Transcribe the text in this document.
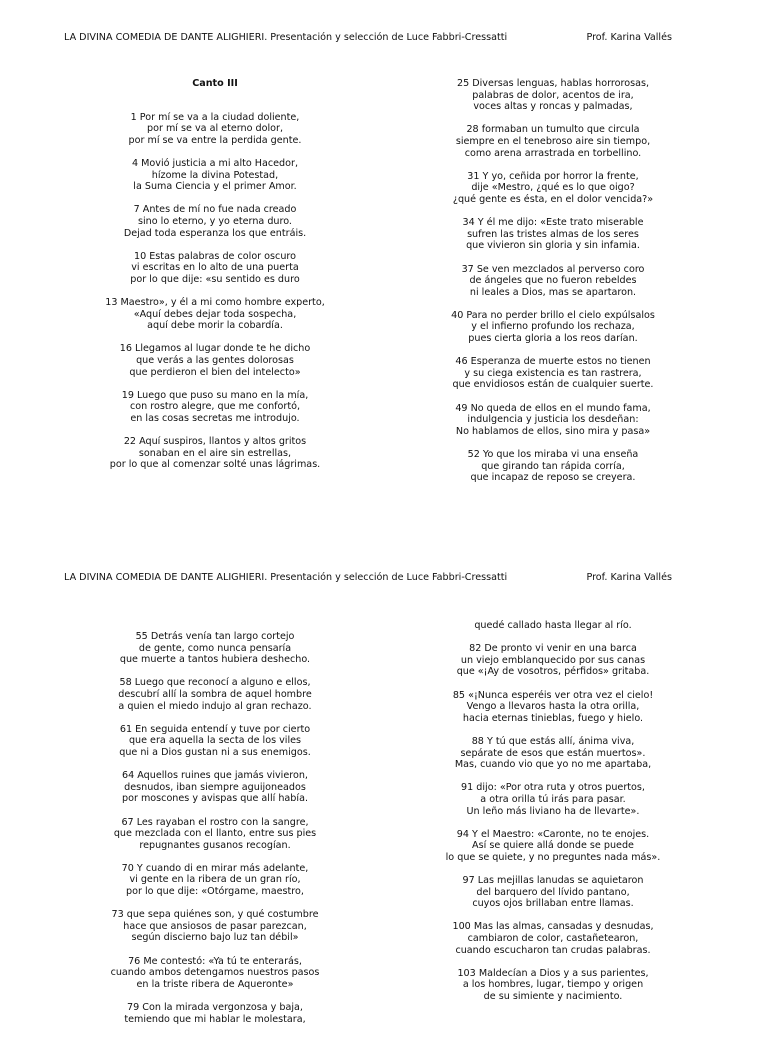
LA DIVINA COMEDIA DE DANTE ALIGHIERI. Presentación y selección de Luce Fabbri-Cressatti	Prof. Karina Vallés
Canto III
1 Por mí se va a la ciudad doliente,
por mí se va al eterno dolor,
por mí se va entre la perdida gente.
4 Movió justicia a mi alto Hacedor,
hízome la divina Potestad,
la Suma Ciencia y el primer Amor.
7 Antes de mí no fue nada creado
sino lo eterno, y yo eterna duro.
Dejad toda esperanza los que entráis.
10 Estas palabras de color oscuro
vi escritas en lo alto de una puerta
por lo que dije: «su sentido es duro
13 Maestro», y él a mi como hombre experto,
«Aquí debes dejar toda sospecha,
aquí debe morir la cobardía.
16 Llegamos al lugar donde te he dicho
que verás a las gentes dolorosas
que perdieron el bien del intelecto»
19 Luego que puso su mano en la mía,
con rostro alegre, que me confortó,
en las cosas secretas me introdujo.
22 Aquí suspiros, llantos y altos gritos
sonaban en el aire sin estrellas,
por lo que al comenzar solté unas lágrimas.
25 Diversas lenguas, hablas horrorosas,
palabras de dolor, acentos de ira,
voces altas y roncas y palmadas,
28 formaban un tumulto que circula
siempre en el tenebroso aire sin tiempo,
como arena arrastrada en torbellino.
31 Y yo, ceñida por horror la frente,
dije «Mestro, ¿qué es lo que oigo?
¿qué gente es ésta, en el dolor vencida?»
34 Y él me dijo: «Este trato miserable
sufren las tristes almas de los seres
que vivieron sin gloria y sin infamia.
37 Se ven mezclados al perverso coro
de ángeles que no fueron rebeldes
ni leales a Dios, mas se apartaron.
40 Para no perder brillo el cielo expúlsalos
y el infierno profundo los rechaza,
pues cierta gloria a los reos darían.
46 Esperanza de muerte estos no tienen
y su ciega existencia es tan rastrera,
que envidiosos están de cualquier suerte.
49 No queda de ellos en el mundo fama,
indulgencia y justicia los desdeñan:
No hablamos de ellos, sino mira y pasa»
52 Yo que los miraba vi una enseña
que girando tan rápida corría,
que incapaz de reposo se creyera.
LA DIVINA COMEDIA DE DANTE ALIGHIERI. Presentación y selección de Luce Fabbri-Cressatti	Prof. Karina Vallés
55 Detrás venía tan largo cortejo
de gente, como nunca pensaría
que muerte a tantos hubiera deshecho.
58 Luego que reconocí a alguno e ellos,
descubrí allí la sombra de aquel hombre
a quien el miedo indujo al gran rechazo.
61 En seguida entendí y tuve por cierto
que era aquella la secta de los viles
que ni a Dios gustan ni a sus enemigos.
64 Aquellos ruines que jamás vivieron,
desnudos, iban siempre aguijoneados
por moscones y avispas que allí había.
67 Les rayaban el rostro con la sangre,
que mezclada con el llanto, entre sus pies
repugnantes gusanos recogían.
70 Y cuando di en mirar más adelante,
vi gente en la ribera de un gran río,
por lo que dije: «Otórgame, maestro,
73 que sepa quiénes son, y qué costumbre
hace que ansiosos de pasar parezcan,
según discierno bajo luz tan débil»
76 Me contestó: «Ya tú te enterarás,
cuando ambos detengamos nuestros pasos
en la triste ribera de Aqueronte»
79 Con la mirada vergonzosa y baja,
temiendo que mi hablar le molestara,
quedé callado hasta llegar al río.
82 De pronto vi venir en una barca
un viejo emblanquecido por sus canas
que «¡Ay de vosotros, pérfidos» gritaba.
85 «¡Nunca esperéis ver otra vez el cielo!
Vengo a llevaros hasta la otra orilla,
hacia eternas tinieblas, fuego y hielo.
88 Y tú que estás allí, ánima viva,
sepárate de esos que están muertos».
Mas, cuando vio que yo no me apartaba,
91 dijo: «Por otra ruta y otros puertos,
a otra orilla tú irás para pasar.
Un leño más liviano ha de llevarte».
94 Y el Maestro: «Caronte, no te enojes.
Así se quiere allá donde se puede
lo que se quiete, y no preguntes nada más».
97 Las mejillas lanudas se aquietaron
del barquero del lívido pantano,
cuyos ojos brillaban entre llamas.
100 Mas las almas, cansadas y desnudas,
cambiaron de color, castañetearon,
cuando escucharon tan crudas palabras.
103 Maldecían a Dios y a sus parientes,
a los hombres, lugar, tiempo y origen
de su simiente y nacimiento.
